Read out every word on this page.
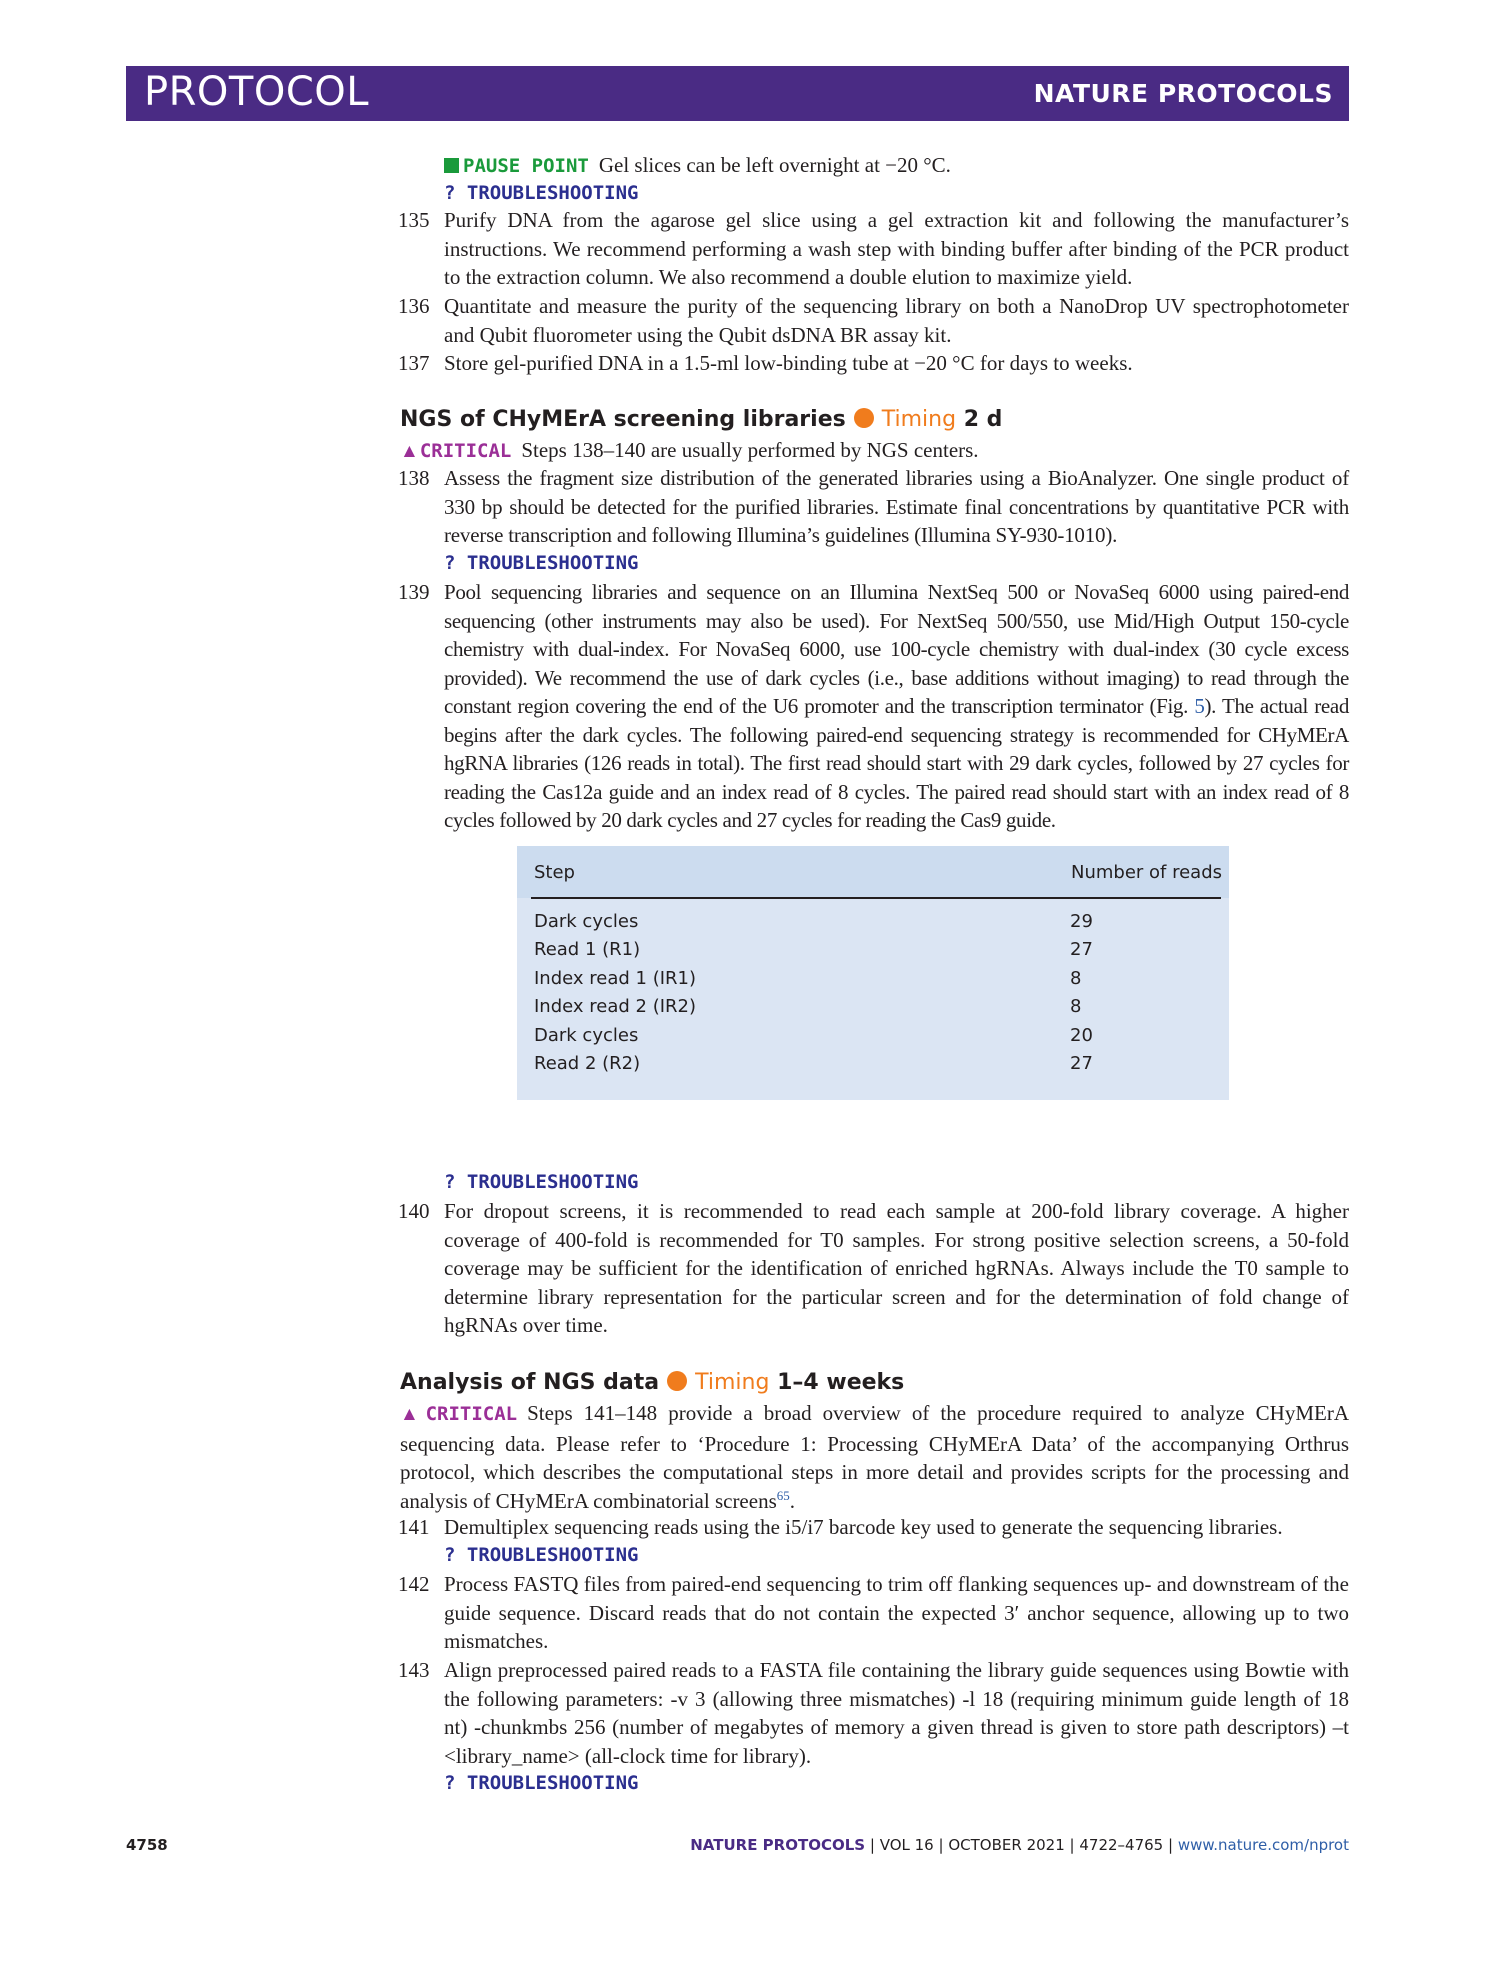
PROTOCOL	NATURE PROTOCOLS
PAUSE POINT Gel slices can be left overnight at −20 °C.
? TROUBLESHOOTING
135 Purify DNA from the agarose gel slice using a gel extraction kit and following the manufacturer’s instructions. We recommend performing a wash step with binding buffer after binding of the PCR product to the extraction column. We also recommend a double elution to maximize yield.
136 Quantitate and measure the purity of the sequencing library on both a NanoDrop UV spectrophotometer and Qubit fluorometer using the Qubit dsDNA BR assay kit.
137 Store gel-purified DNA in a 1.5-ml low-binding tube at −20 °C for days to weeks.
NGS of CHyMErA screening libraries Timing 2 d
▲CRITICAL Steps 138–140 are usually performed by NGS centers.
138 Assess the fragment size distribution of the generated libraries using a BioAnalyzer. One single product of 330 bp should be detected for the purified libraries. Estimate final concentrations by quantitative PCR with reverse transcription and following Illumina’s guidelines (Illumina SY-930-1010).
? TROUBLESHOOTING
139 Pool sequencing libraries and sequence on an Illumina NextSeq 500 or NovaSeq 6000 using paired-end sequencing (other instruments may also be used). For NextSeq 500/550, use Mid/High Output 150-cycle chemistry with dual-index. For NovaSeq 6000, use 100-cycle chemistry with dual-index (30 cycle excess provided). We recommend the use of dark cycles (i.e., base additions without imaging) to read through the constant region covering the end of the U6 promoter and the transcription terminator (Fig. 5). The actual read begins after the dark cycles. The following paired-end sequencing strategy is recommended for CHyMErA hgRNA libraries (126 reads in total). The first read should start with 29 dark cycles, followed by 27 cycles for reading the Cas12a guide and an index read of 8 cycles. The paired read should start with an index read of 8 cycles followed by 20 dark cycles and 27 cycles for reading the Cas9 guide.
Step	Number of reads
Dark cycles	29
Read 1 (R1)	27
Index read 1 (IR1)	8
Index read 2 (IR2)	8
Dark cycles	20
Read 2 (R2)	27
? TROUBLESHOOTING
140 For dropout screens, it is recommended to read each sample at 200-fold library coverage. A higher coverage of 400-fold is recommended for T0 samples. For strong positive selection screens, a 50-fold coverage may be sufficient for the identification of enriched hgRNAs. Always include the T0 sample to determine library representation for the particular screen and for the determination of fold change of hgRNAs over time.
Analysis of NGS data Timing 1–4 weeks
▲CRITICAL Steps 141–148 provide a broad overview of the procedure required to analyze CHyMErA sequencing data. Please refer to ‘Procedure 1: Processing CHyMErA Data’ of the accompanying Orthrus protocol, which describes the computational steps in more detail and provides scripts for the processing and analysis of CHyMErA combinatorial screens$^{65}$.
141 Demultiplex sequencing reads using the i5/i7 barcode key used to generate the sequencing libraries.
? TROUBLESHOOTING
142 Process FASTQ files from paired-end sequencing to trim off flanking sequences up- and downstream of the guide sequence. Discard reads that do not contain the expected 3′ anchor sequence, allowing up to two mismatches.
143 Align preprocessed paired reads to a FASTA file containing the library guide sequences using Bowtie with the following parameters: -v 3 (allowing three mismatches) -l 18 (requiring minimum guide length of 18 nt) -chunkmbs 256 (number of megabytes of memory a given thread is given to store path descriptors) –t <library_name> (all-clock time for library).
? TROUBLESHOOTING
4758	NATURE PROTOCOLS | VOL 16 | OCTOBER 2021 | 4722–4765 | www.nature.com/nprot
